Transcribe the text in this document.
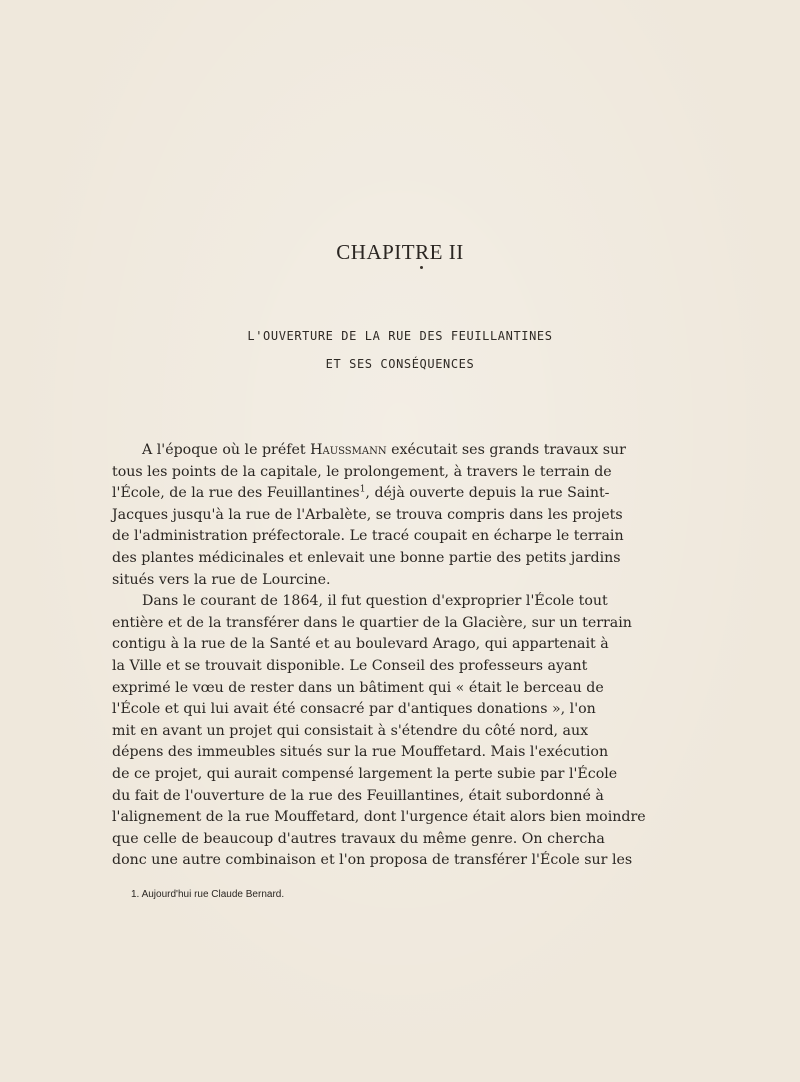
CHAPITRE II
L'OUVERTURE DE LA RUE DES FEUILLANTINES
ET SES CONSÉQUENCES
A l'époque où le préfet Haussmann exécutait ses grands travaux sur
tous les points de la capitale, le prolongement, à travers le terrain de
l'École, de la rue des Feuillantines$^1$, déjà ouverte depuis la rue Saint-
Jacques jusqu'à la rue de l'Arbalète, se trouva compris dans les projets
de l'administration préfectorale. Le tracé coupait en écharpe le terrain
des plantes médicinales et enlevait une bonne partie des petits jardins
situés vers la rue de Lourcine.
Dans le courant de 1864, il fut question d'exproprier l'École tout
entière et de la transférer dans le quartier de la Glacière, sur un terrain
contigu à la rue de la Santé et au boulevard Arago, qui appartenait à
la Ville et se trouvait disponible. Le Conseil des professeurs ayant
exprimé le vœu de rester dans un bâtiment qui « était le berceau de
l'École et qui lui avait été consacré par d'antiques donations », l'on
mit en avant un projet qui consistait à s'étendre du côté nord, aux
dépens des immeubles situés sur la rue Mouffetard. Mais l'exécution
de ce projet, qui aurait compensé largement la perte subie par l'École
du fait de l'ouverture de la rue des Feuillantines, était subordonné à
l'alignement de la rue Mouffetard, dont l'urgence était alors bien moindre
que celle de beaucoup d'autres travaux du même genre. On chercha
donc une autre combinaison et l'on proposa de transférer l'École sur les
1. Aujourd'hui rue Claude Bernard.
